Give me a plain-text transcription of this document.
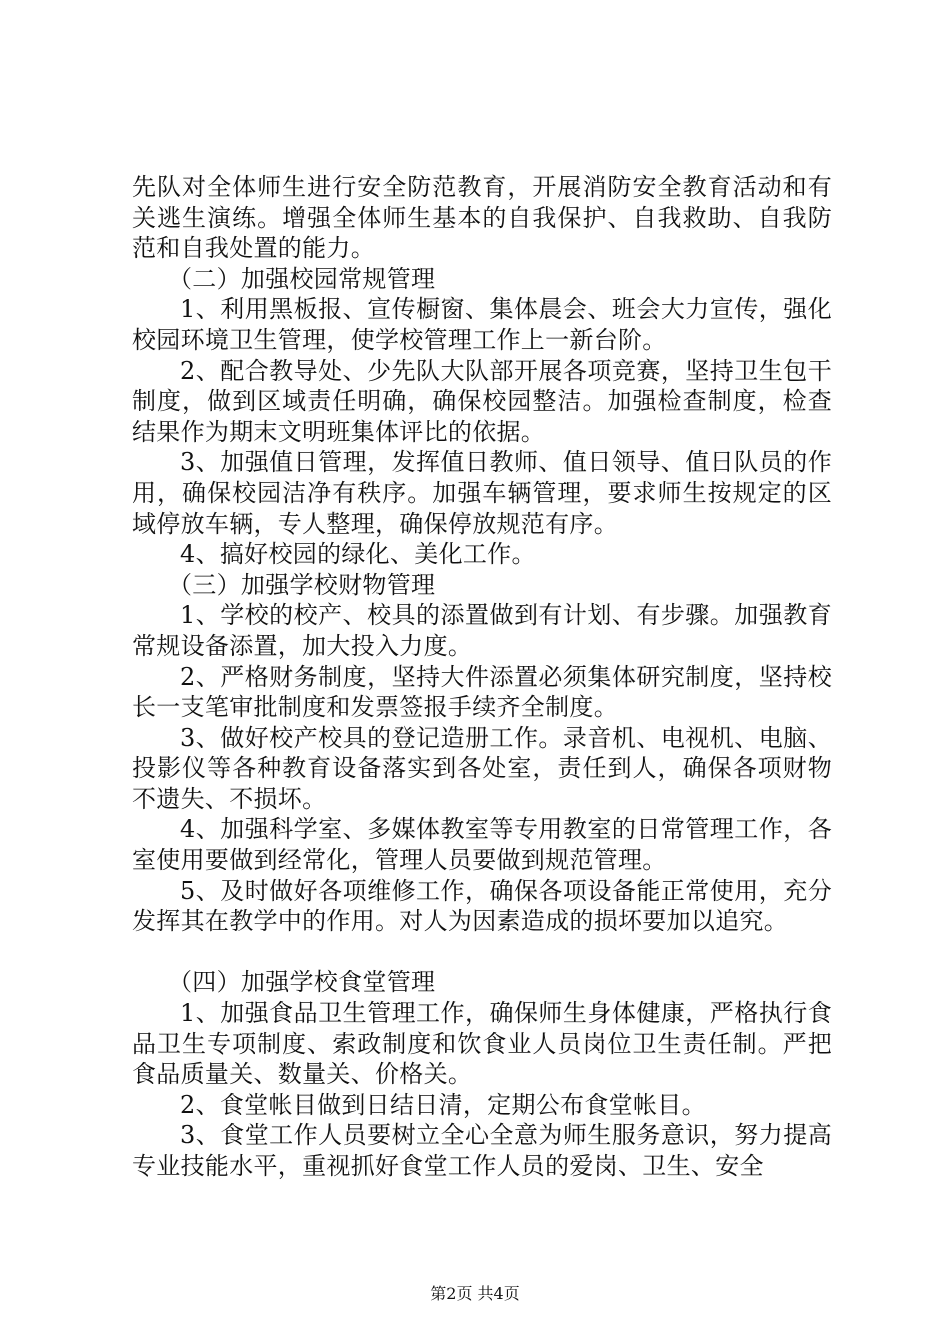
先队对全体师生进行安全防范教育，开展消防安全教育活动和有关逃生演练。增强全体师生基本的自我保护、自我救助、自我防范和自我处置的能力。

（二）加强校园常规管理

1、利用黑板报、宣传橱窗、集体晨会、班会大力宣传，强化校园环境卫生管理，使学校管理工作上一新台阶。

2、配合教导处、少先队大队部开展各项竞赛，坚持卫生包干制度，做到区域责任明确，确保校园整洁。加强检查制度，检查结果作为期末文明班集体评比的依据。

3、加强值日管理，发挥值日教师、值日领导、值日队员的作用，确保校园洁净有秩序。加强车辆管理，要求师生按规定的区域停放车辆，专人整理，确保停放规范有序。

4、搞好校园的绿化、美化工作。

（三）加强学校财物管理

1、学校的校产、校具的添置做到有计划、有步骤。加强教育常规设备添置，加大投入力度。

2、严格财务制度，坚持大件添置必须集体研究制度，坚持校长一支笔审批制度和发票签报手续齐全制度。

3、做好校产校具的登记造册工作。录音机、电视机、电脑、投影仪等各种教育设备落实到各处室，责任到人，确保各项财物不遗失、不损坏。

4、加强科学室、多媒体教室等专用教室的日常管理工作，各室使用要做到经常化，管理人员要做到规范管理。

5、及时做好各项维修工作，确保各项设备能正常使用，充分发挥其在教学中的作用。对人为因素造成的损坏要加以追究。

（四）加强学校食堂管理

1、加强食品卫生管理工作，确保师生身体健康，严格执行食品卫生专项制度、索政制度和饮食业人员岗位卫生责任制。严把食品质量关、数量关、价格关。

2、食堂帐目做到日结日清，定期公布食堂帐目。

3、食堂工作人员要树立全心全意为师生服务意识，努力提高专业技能水平，重视抓好食堂工作人员的爱岗、卫生、安全

第2页 共4页
